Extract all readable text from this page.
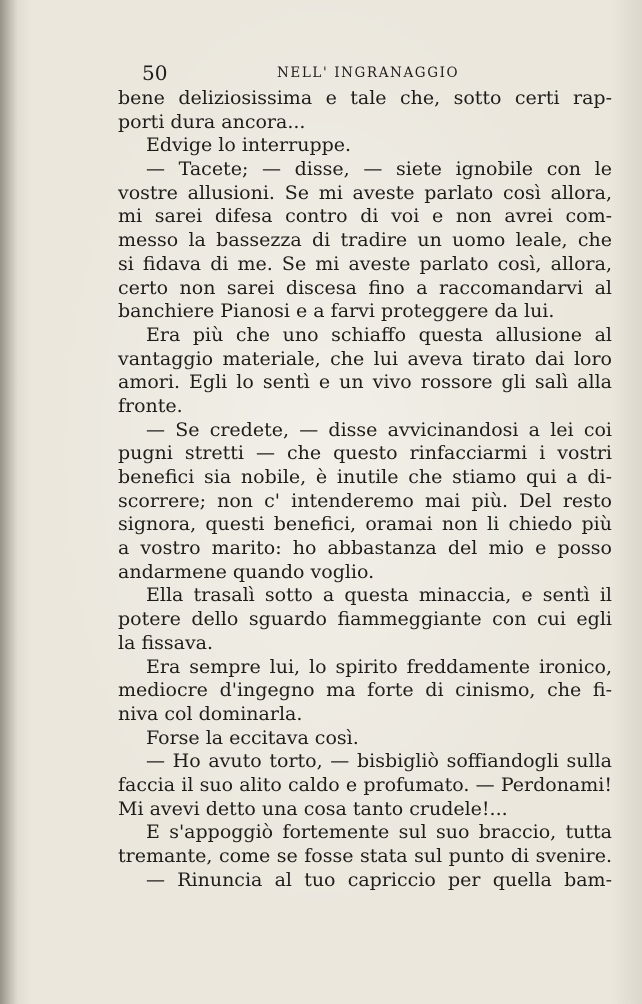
50	NELL' INGRANAGGIO
bene deliziosissima e tale che, sotto certi rap-
porti dura ancora...
Edvige lo interruppe.
— Tacete; — disse, — siete ignobile con le
vostre allusioni. Se mi aveste parlato così allora,
mi sarei difesa contro di voi e non avrei com-
messo la bassezza di tradire un uomo leale, che
si fidava di me. Se mi aveste parlato così, allora,
certo non sarei discesa fino a raccomandarvi al
banchiere Pianosi e a farvi proteggere da lui.
Era più che uno schiaffo questa allusione al
vantaggio materiale, che lui aveva tirato dai loro
amori. Egli lo sentì e un vivo rossore gli salì alla
fronte.
— Se credete, — disse avvicinandosi a lei coi
pugni stretti — che questo rinfacciarmi i vostri
benefici sia nobile, è inutile che stiamo qui a di-
scorrere; non c' intenderemo mai più. Del resto
signora, questi benefici, oramai non li chiedo più
a vostro marito: ho abbastanza del mio e posso
andarmene quando voglio.
Ella trasalì sotto a questa minaccia, e sentì il
potere dello sguardo fiammeggiante con cui egli
la fissava.
Era sempre lui, lo spirito freddamente ironico,
mediocre d'ingegno ma forte di cinismo, che fi-
niva col dominarla.
Forse la eccitava così.
— Ho avuto torto, — bisbigliò soffiandogli sulla
faccia il suo alito caldo e profumato. — Perdonami!
Mi avevi detto una cosa tanto crudele!...
E s'appoggiò fortemente sul suo braccio, tutta
tremante, come se fosse stata sul punto di svenire.
— Rinuncia al tuo capriccio per quella bam-
